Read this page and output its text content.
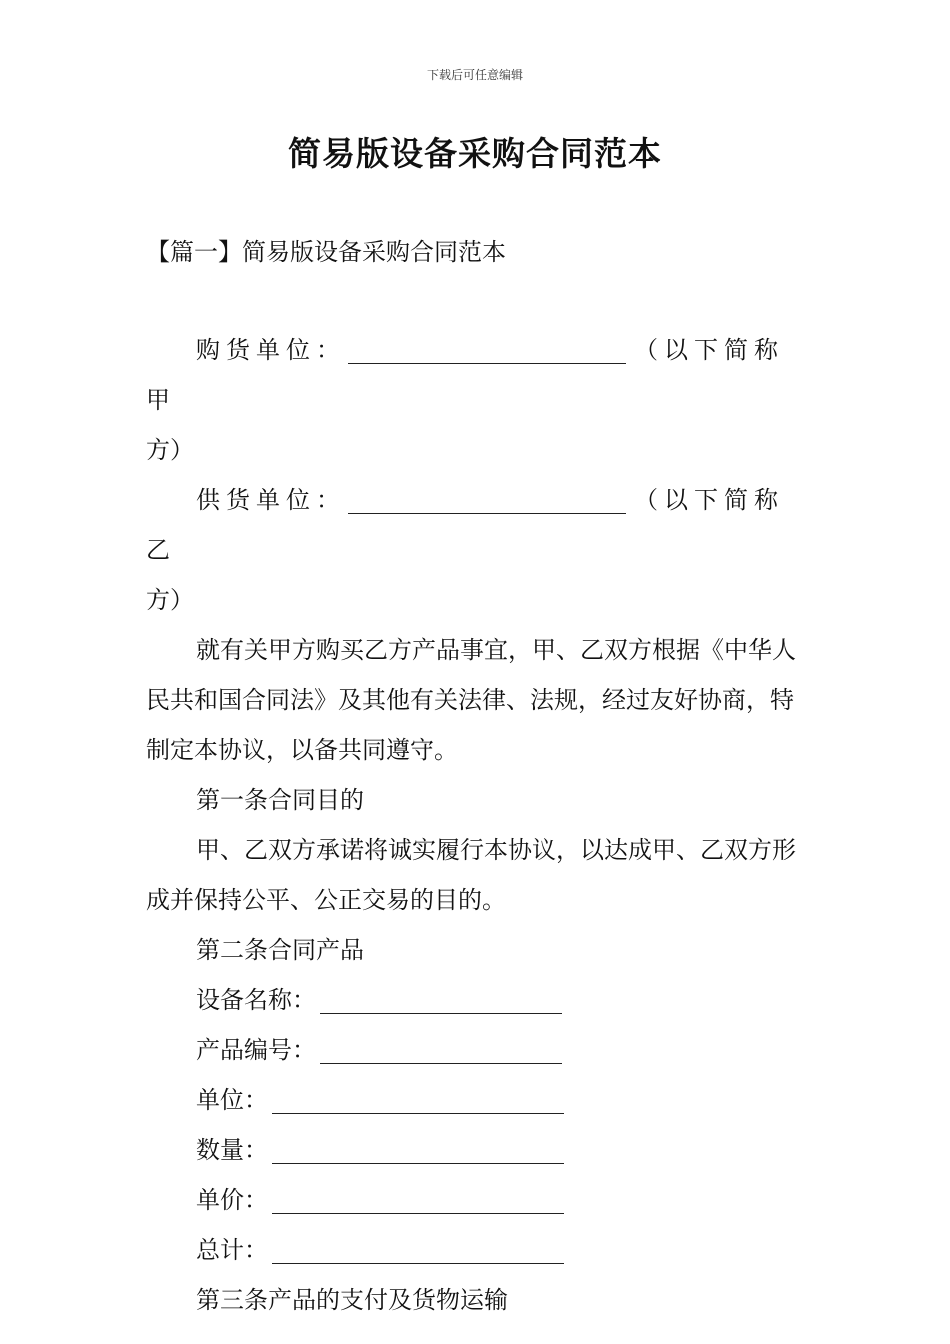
下载后可任意编辑
简易版设备采购合同范本
【篇一】简易版设备采购合同范本

购货单位：	（以下简称甲

方）

供货单位：	（以下简称乙

方）

就有关甲方购买乙方产品事宜，甲、乙双方根据《中华人民共和国合同法》及其他有关法律、法规，经过友好协商，特制定本协议，以备共同遵守。

第一条合同目的

甲、乙双方承诺将诚实履行本协议，以达成甲、乙双方形成并保持公平、公正交易的目的。

第二条合同产品

设备名称：

产品编号：

单位：

数量：

单价：

总计：

第三条产品的支付及货物运输
